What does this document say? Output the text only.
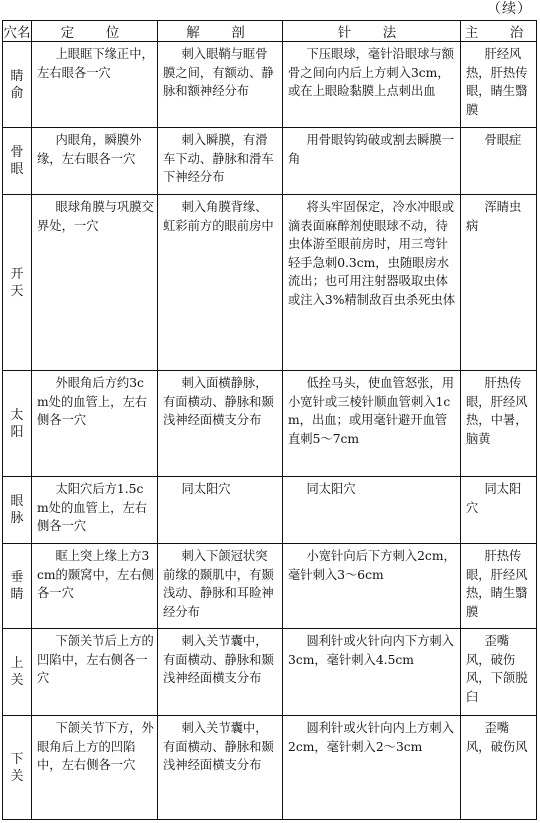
（续）
穴名	定　位	解　剖	针　法	主　治

睛俞	上眼眶下缘正中，左右眼各一穴	刺入眼鞘与眶骨膜之间，有额动、静脉和额神经分布	下压眼球，毫针沿眼球与额骨之间向内后上方刺入3cm，或在上眼睑黏膜上点刺出血	肝经风热，肝热传眼，睛生翳膜

骨眼	内眼角，瞬膜外缘，左右眼各一穴	刺入瞬膜，有滑车下动、静脉和滑车下神经分布	用骨眼钩钩破或割去瞬膜一角	骨眼症

开天	眼球角膜与巩膜交界处，一穴	刺入角膜背缘、虹彩前方的眼前房中	将头牢固保定，冷水冲眼或滴表面麻醉剂使眼球不动，待虫体游至眼前房时，用三弯针轻手急刺0.3cm，虫随眼房水流出；也可用注射器吸取虫体或注入3%精制敌百虫杀死虫体	浑睛虫病

太阳	外眼角后方约3cm处的血管上，左右侧各一穴	刺入面横静脉，有面横动、静脉和颞浅神经面横支分布	低拴马头，使血管怒张，用小宽针或三棱针顺血管刺入1cm，出血；或用毫针避开血管直刺5～7cm	肝热传眼，肝经风热，中暑，脑黄

眼脉	太阳穴后方1.5cm处的血管上，左右侧各一穴	同太阳穴	同太阳穴	同太阳穴

垂睛	眶上突上缘上方3cm的颞窝中，左右侧各一穴	刺入下颌冠状突前缘的颞肌中，有颞浅动、静脉和耳睑神经分布	小宽针向后下方刺入2cm，毫针刺入3～6cm	肝热传眼，肝经风热，睛生翳膜

上关	下颌关节后上方的凹陷中，左右侧各一穴	刺入关节囊中，有面横动、静脉和颞浅神经面横支分布	圆利针或火针向内下方刺入3cm，毫针刺入4.5cm	歪嘴风，破伤风，下颌脱臼

下关	下颌关节下方，外眼角后上方的凹陷中，左右侧各一穴	刺入关节囊中，有面横动、静脉和颞浅神经面横支分布	圆利针或火针向内上方刺入2cm，毫针刺入2～3cm	歪嘴风，破伤风
